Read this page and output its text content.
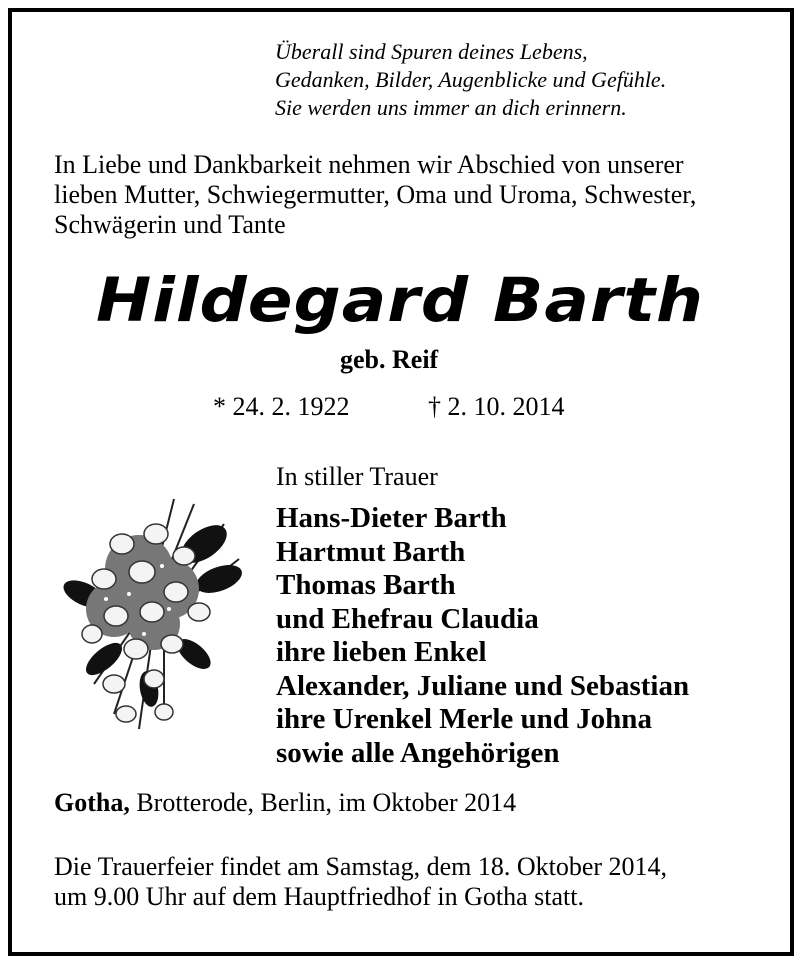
Überall sind Spuren deines Lebens,
Gedanken, Bilder, Augenblicke und Gefühle.
Sie werden uns immer an dich erinnern.
In Liebe und Dankbarkeit nehmen wir Abschied von unserer
lieben Mutter, Schwiegermutter, Oma und Uroma, Schwester,
Schwägerin und Tante
Hildegard Barth
geb. Reif
* 24. 2. 1922	† 2. 10. 2014
In stiller Trauer
Hans-Dieter Barth
Hartmut Barth
Thomas Barth
und Ehefrau Claudia
ihre lieben Enkel
Alexander, Juliane und Sebastian
ihre Urenkel Merle und Johna
sowie alle Angehörigen
Gotha, Brotterode, Berlin, im Oktober 2014
Die Trauerfeier findet am Samstag, dem 18. Oktober 2014,
um 9.00 Uhr auf dem Hauptfriedhof in Gotha statt.
